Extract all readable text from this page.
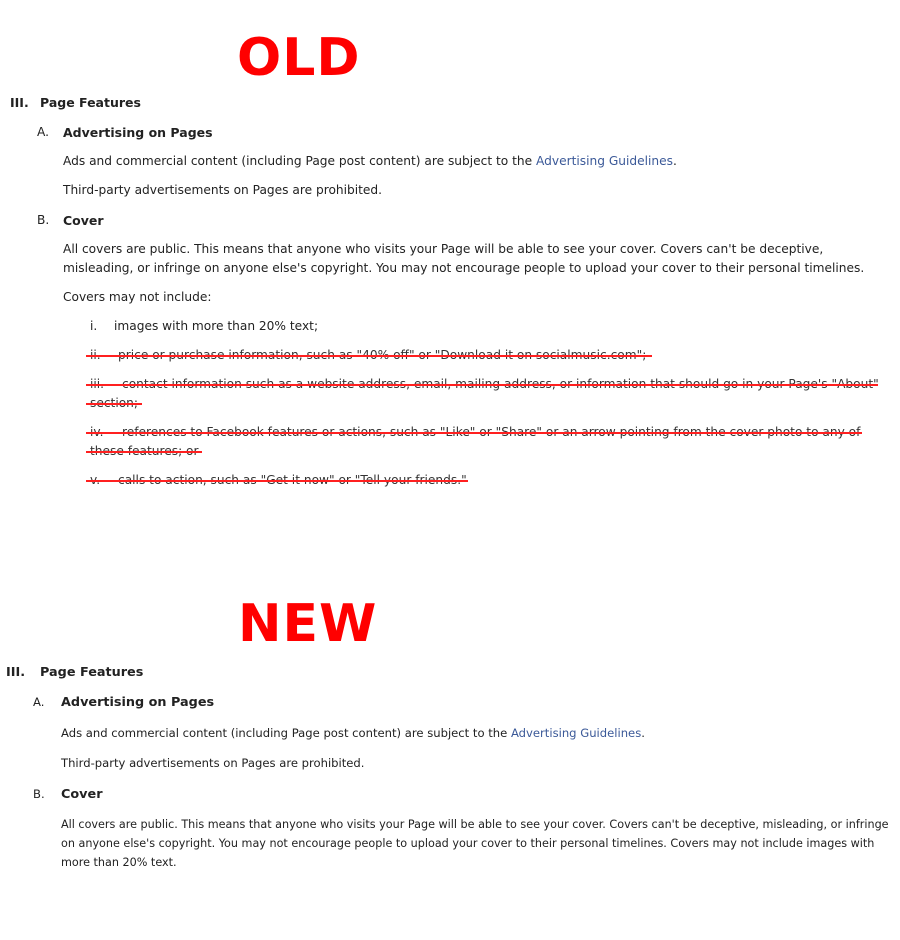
OLD
NEW
III. Page Features
A. Advertising on Pages
Ads and commercial content (including Page post content) are subject to the Advertising Guidelines.
Third-party advertisements on Pages are prohibited.
B. Cover
All covers are public. This means that anyone who visits your Page will be able to see your cover. Covers can't be deceptive,
misleading, or infringe on anyone else's copyright. You may not encourage people to upload your cover to their personal timelines.
Covers may not include:
i. images with more than 20% text;
III. Page Features
A. Advertising on Pages
Ads and commercial content (including Page post content) are subject to the Advertising Guidelines.
Third-party advertisements on Pages are prohibited.
B. Cover
All covers are public. This means that anyone who visits your Page will be able to see your cover. Covers can't be deceptive, misleading, or infringe
on anyone else's copyright. You may not encourage people to upload your cover to their personal timelines. Covers may not include images with
more than 20% text.
